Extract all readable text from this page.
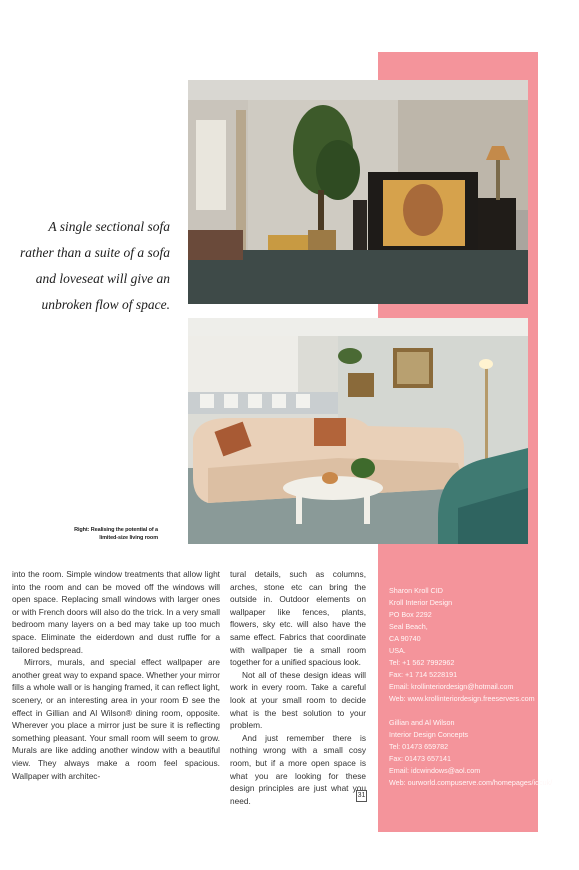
A single sectional sofa
rather than a suite of a sofa
and loveseat will give an
unbroken flow of space.
Right: Realising the potential of a
limited-size living room

into the room. Simple window treatments that allow light into the room and can be moved off the windows will open space. Replacing small windows with larger ones or with French doors will also do the trick. In a very small bedroom many layers on a bed may take up too much space. Eliminate the eiderdown and dust ruffle for a tailored bedspread.

Mirrors, murals, and special effect wallpaper are another great way to expand space. Whether your mirror fills a whole wall or is hanging framed, it can reflect light, scenery, or an interesting area in your room Đ see the effect in Gillian and Al Wilson® dining room, opposite. Wherever you place a mirror just be sure it is reflecting something pleasant. Your small room will seem to grow. Murals are like adding another window with a beautiful view. They always make a room feel spacious. Wallpaper with architec-

tural details, such as columns, arches, stone etc can bring the outside in. Outdoor elements on wallpaper like fences, plants, flowers, sky etc. will also have the same effect. Fabrics that coordinate with wallpaper tie a small room together for a unified spacious look.

Not all of these design ideas will work in every room. Take a careful look at your small room to decide what is the best solution to your problem.

And just remember there is nothing wrong with a small cosy room, but if a more open space is what you are looking for these design principles are just what you need.

31
Sharon Kroll CID
Kroll Interior Design
PO Box 2292
Seal Beach,
CA 90740
USA.
Tel: +1 562 7992962
Fax: +1 714 5228191
Email: krollinteriordesign@hotmail.com
Web: www.krollinteriordesign.freeservers.com
Gillian and Al Wilson
Interior Design Concepts
Tel: 01473 659782
Fax: 01473 657141
Email: idcwindows@aol.com
Web: ourworld.compuserve.com/homepages/idcuk/
